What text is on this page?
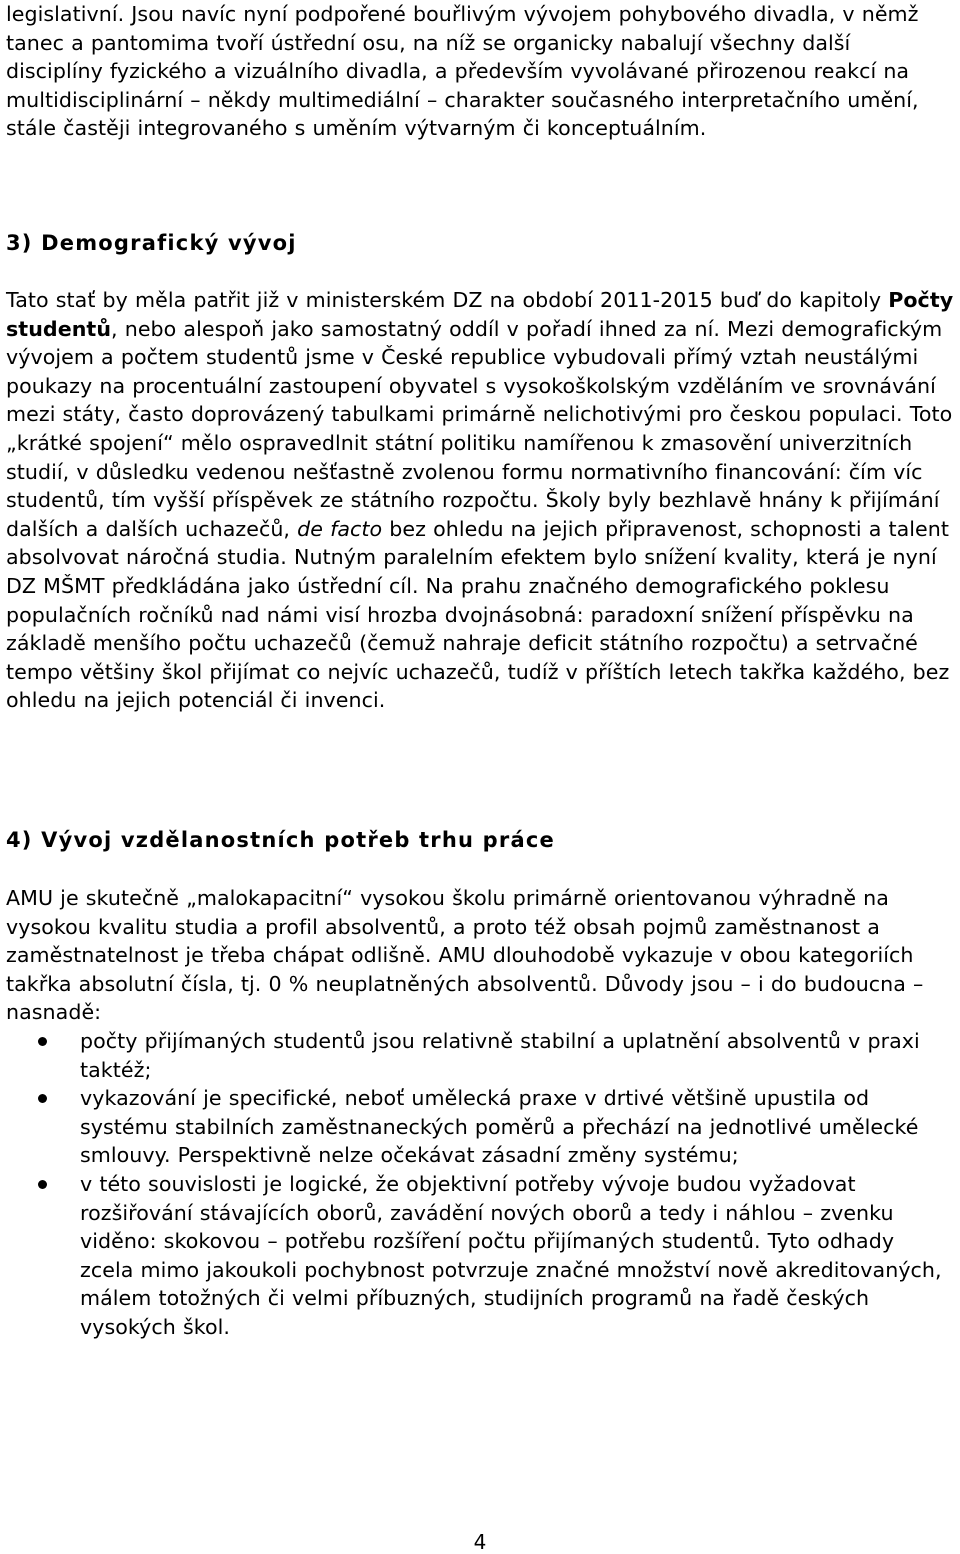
legislativní. Jsou navíc nyní podpořené bouřlivým vývojem pohybového divadla, v němž tanec a pantomima tvoří ústřední osu, na níž se organicky nabalují všechny další disciplíny fyzického a vizuálního divadla, a především vyvolávané přirozenou reakcí na multidisciplinární – někdy multimediální – charakter současného interpretačního umění, stále častěji integrovaného s uměním výtvarným či konceptuálním.

3) Demografický vývoj

Tato stať by měla patřit již v ministerském DZ na období 2011-2015 buď do kapitoly Počty studentů, nebo alespoň jako samostatný oddíl v pořadí ihned za ní. Mezi demografickým vývojem a počtem studentů jsme v České republice vybudovali přímý vztah neustálými poukazy na procentuální zastoupení obyvatel s vysokoškolským vzděláním ve srovnávání mezi státy, často doprovázený tabulkami primárně nelichotivými pro českou populaci. Toto „krátké spojení“ mělo ospravedlnit státní politiku namířenou k zmasovění univerzitních studií, v důsledku vedenou nešťastně zvolenou formu normativního financování: čím víc studentů, tím vyšší příspěvek ze státního rozpočtu. Školy byly bezhlavě hnány k přijímání dalších a dalších uchazečů, de facto bez ohledu na jejich připravenost, schopnosti a talent absolvovat náročná studia. Nutným paralelním efektem bylo snížení kvality, která je nyní DZ MŠMT předkládána jako ústřední cíl. Na prahu značného demografického poklesu populačních ročníků nad námi visí hrozba dvojnásobná: paradoxní snížení příspěvku na základě menšího počtu uchazečů (čemuž nahraje deficit státního rozpočtu) a setrvačné tempo většiny škol přijímat co nejvíc uchazečů, tudíž v příštích letech takřka každého, bez ohledu na jejich potenciál či invenci.

4) Vývoj vzdělanostních potřeb trhu práce

AMU je skutečně „malokapacitní“ vysokou školu primárně orientovanou výhradně na vysokou kvalitu studia a profil absolventů, a proto též obsah pojmů zaměstnanost a zaměstnatelnost je třeba chápat odlišně. AMU dlouhodobě vykazuje v obou kategoriích takřka absolutní čísla, tj. 0 % neuplatněných absolventů. Důvody jsou – i do budoucna – nasnadě:

počty přijímaných studentů jsou relativně stabilní a uplatnění absolventů v praxi taktéž;
vykazování je specifické, neboť umělecká praxe v drtivé většině upustila od systému stabilních zaměstnaneckých poměrů a přechází na jednotlivé umělecké smlouvy. Perspektivně nelze očekávat zásadní změny systému;
v této souvislosti je logické, že objektivní potřeby vývoje budou vyžadovat rozšiřování stávajících oborů, zavádění nových oborů a tedy i náhlou – zvenku viděno: skokovou – potřebu rozšíření počtu přijímaných studentů. Tyto odhady zcela mimo jakoukoli pochybnost potvrzuje značné množství nově akreditovaných, málem totožných či velmi příbuzných, studijních programů na řadě českých vysokých škol.

4
